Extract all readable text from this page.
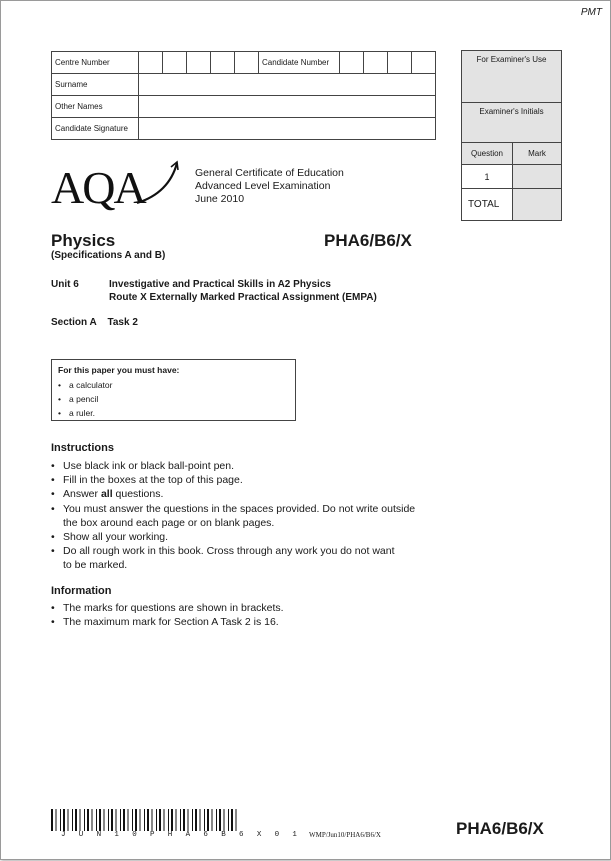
PMT
Centre Number						Candidate Number				
Surname										
Other Names										
Candidate Signature										
For Examiner's Use	
Examiner's Initials	
Question	Mark
1	
TOTAL	
AQA	General Certificate of Education
Advanced Level Examination
June 2010
Physics
(Specifications A and B)
PHA6/B6/X
Unit 6	Investigative and Practical Skills in A2 Physics
Route X Externally Marked Practical Assignment (EMPA)
Section A    Task 2
For this paper you must have:
• a calculator
• a pencil
• a ruler.
Instructions
• Use black ink or black ball-point pen.
• Fill in the boxes at the top of this page.
• Answer all questions.
• You must answer the questions in the spaces provided. Do not write outside
the box around each page or on blank pages.
• Show all your working.
• Do all rough work in this book. Cross through any work you do not want
to be marked.
Information
• The marks for questions are shown in brackets.
• The maximum mark for Section A Task 2 is 16.
J U N 1 0 P H A 6 B 6 X 0 1 WMP/Jun10/PHA6/B6/X	PHA6/B6/X
